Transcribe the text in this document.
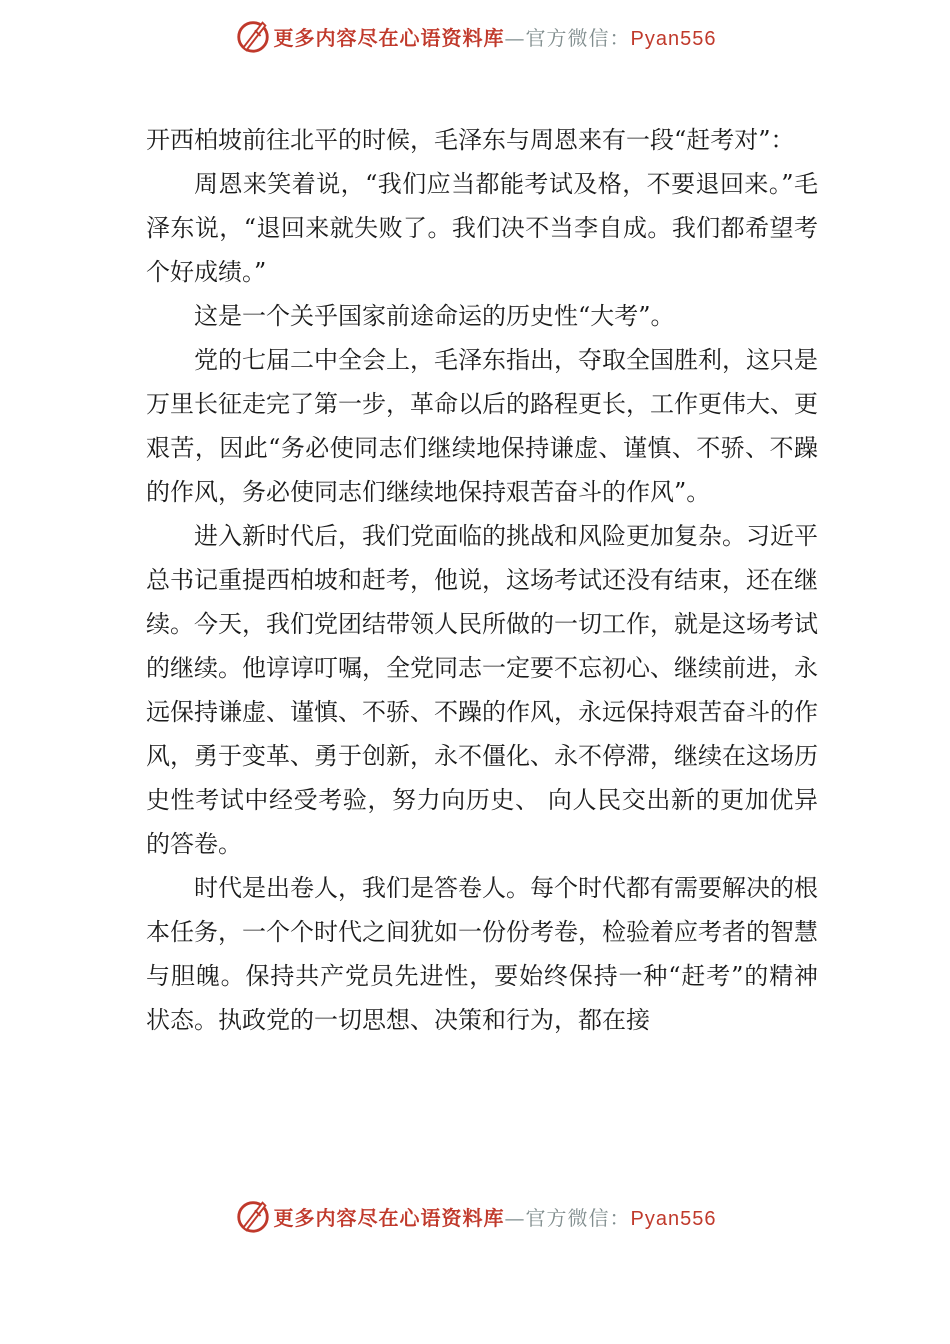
更多内容尽在心语资料库—官方微信：Pyan556

开西柏坡前往北平的时候，毛泽东与周恩来有一段“赶考对”：

周恩来笑着说，“我们应当都能考试及格，不要退回来。”毛泽东说，“退回来就失败了。我们决不当李自成。我们都希望考个好成绩。”

这是一个关乎国家前途命运的历史性“大考”。

党的七届二中全会上，毛泽东指出，夺取全国胜利，这只是万里长征走完了第一步，革命以后的路程更长，工作更伟大、更艰苦，因此“务必使同志们继续地保持谦虚、谨慎、不骄、不躁的作风，务必使同志们继续地保持艰苦奋斗的作风”。

进入新时代后，我们党面临的挑战和风险更加复杂。习近平总书记重提西柏坡和赶考，他说，这场考试还没有结束，还在继续。今天，我们党团结带领人民所做的一切工作，就是这场考试的继续。他谆谆叮嘱，全党同志一定要不忘初心、继续前进，永远保持谦虚、谨慎、不骄、不躁的作风，永远保持艰苦奋斗的作风，勇于变革、勇于创新，永不僵化、永不停滞，继续在这场历史性考试中经受考验，努力向历史、 向人民交出新的更加优异的答卷。

时代是出卷人，我们是答卷人。每个时代都有需要解决的根本任务，一个个时代之间犹如一份份考卷，检验着应考者的智慧与胆魄。保持共产党员先进性，要始终保持一种“赶考”的精神状态。执政党的一切思想、决策和行为，都在接

更多内容尽在心语资料库—官方微信：Pyan556
